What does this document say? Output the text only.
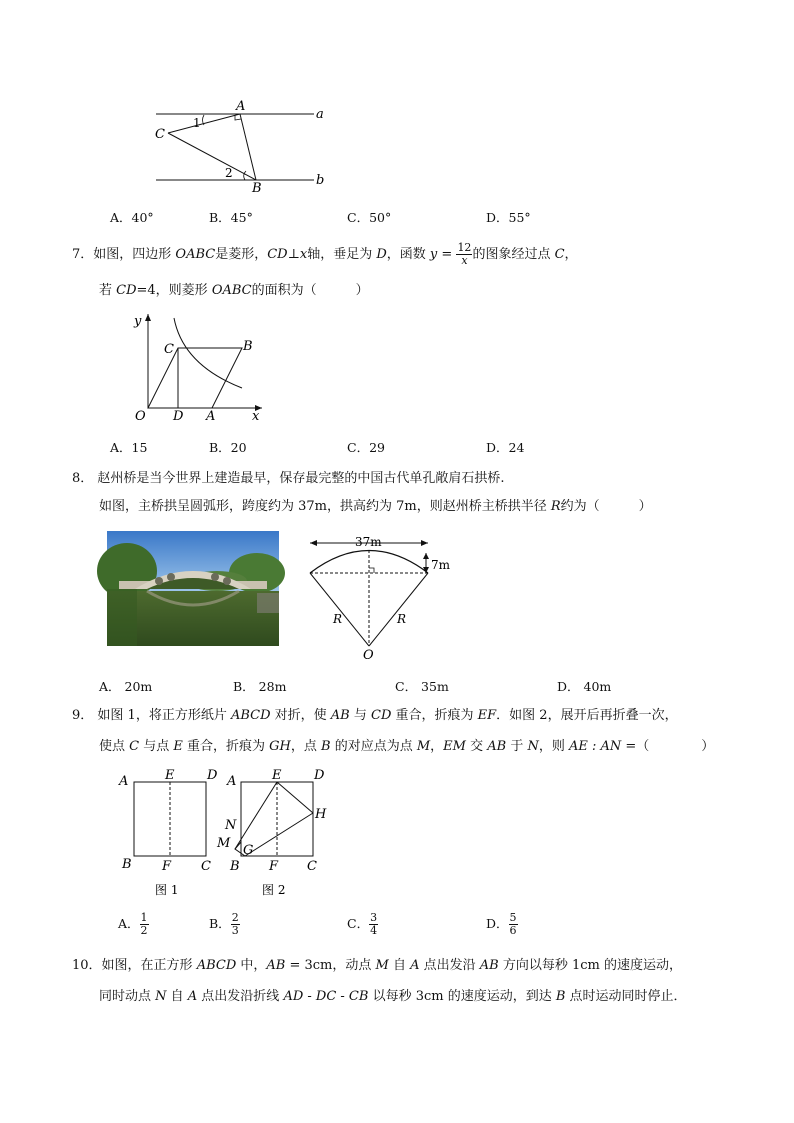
A
C
1
2
B
a
b
A．40°	B．45°	C．50°	D．55°
7．如图，四边形 OABC是菱形，CD⊥x轴，垂足为 D，函数 $y = \frac{12}{x}$ 的图象经过点 C，
若 CD=4，则菱形 OABC的面积为（　　　）
y
x
O D A
C	B
A．15	B．20	C．29	D．24
8． 赵州桥是当今世界上建造最早，保存最完整的中国古代单孔敞肩石拱桥.
如图，主桥拱呈圆弧形，跨度约为 37m，拱高约为 7m，则赵州桥主桥拱半径 R约为（　　　）
37m
7m
R	R
O
A． 20m	B． 28m	C． 35m	D． 40m
9． 如图 1，将正方形纸片 ABCD 对折，使 AB 与 CD 重合，折痕为 EF．如图 2，展开后再折叠一次，
使点 C 与点 E 重合，折痕为 GH，点 B 的对应点为点 M，EM 交 AB 于 N，则 AE : AN =（　　　　）
A	E	D
B F C
图 1
A	E	D
N
H
M G
B F C
图 2
A． $\frac{1}{2}$	B． $\frac{2}{3}$	C． $\frac{3}{4}$	D． $\frac{5}{6}$
10．如图，在正方形 ABCD 中，AB = 3cm，动点 M 自 A 点出发沿 AB 方向以每秒 1cm 的速度运动，
同时动点 N 自 A 点出发沿折线 AD - DC - CB 以每秒 3cm 的速度运动，到达 B 点时运动同时停止．
